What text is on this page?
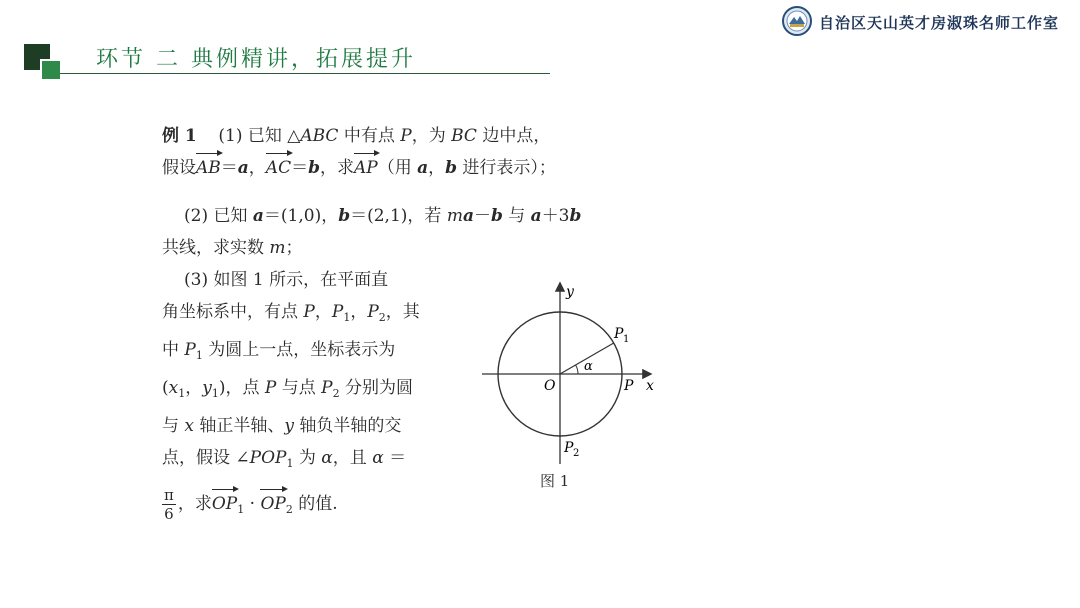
环节 二 典例精讲，拓展提升
自治区天山英才房淑珠名师工作室
例 1 (1) 已知 △ABC 中有点 P，为 BC 边中点，
假设AB＝a，AC＝b，求AP（用 a，b 进行表示）；
(2) 已知 a＝(1,0)，b＝(2,1)，若 ma－b 与 a＋3b
共线，求实数 m；
(3) 如图 1 所示，在平面直
角坐标系中，有点 P，$P_1$，$P_2$，其
中 $P_1$ 为圆上一点，坐标表示为
($x_1$，$y_1$)，点 P 与点 $P_2$ 分别为圆
与 x 轴正半轴、y 轴负半轴的交
点，假设 $\angle POP_1$ 为 α，且 α ＝
$\frac{\pi}{6}$ ，求$OP_1 \cdot OP_2$ 的值.
x
y
O	P
P 1
P 2
α
图 1
